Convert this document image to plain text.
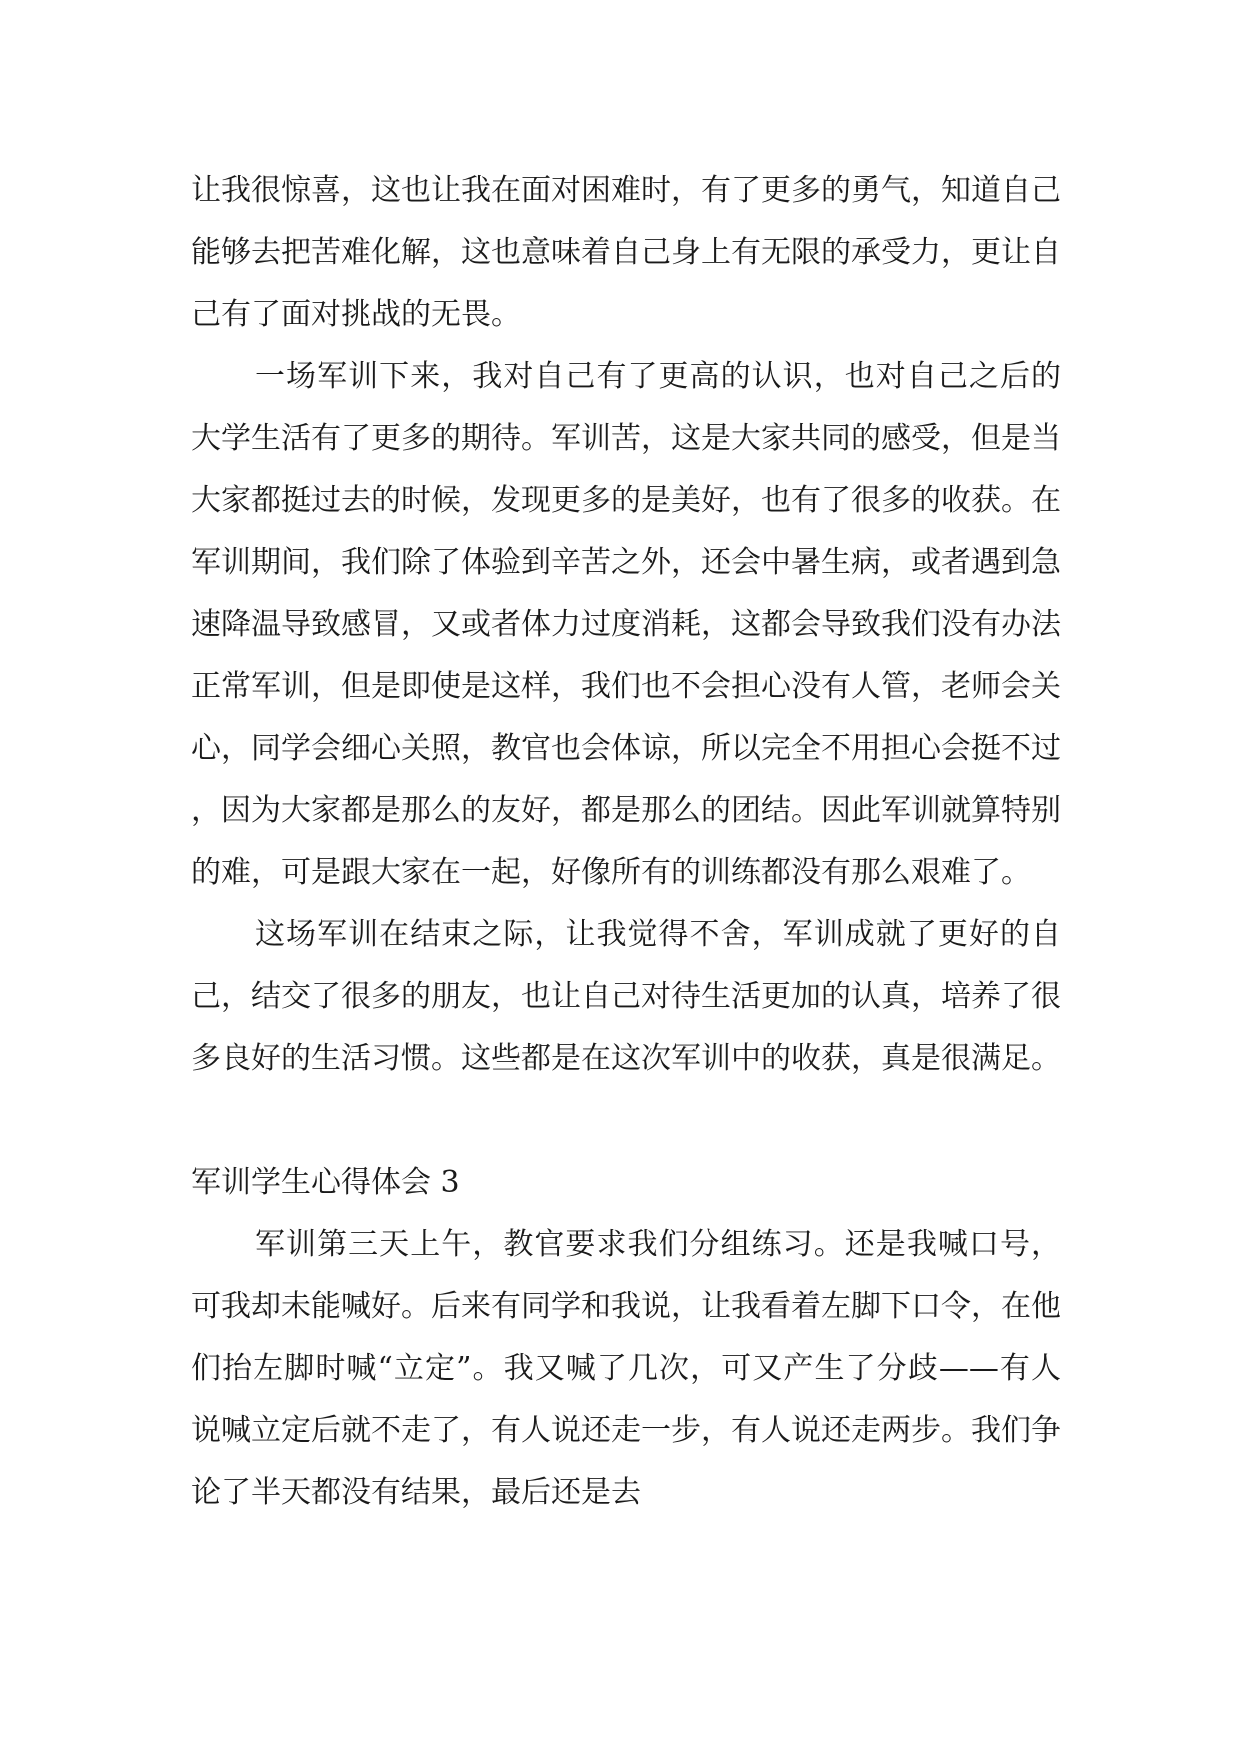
让我很惊喜，这也让我在面对困难时，有了更多的勇气，知道自己能够去把苦难化解，这也意味着自己身上有无限的承受力，更让自己有了面对挑战的无畏。

一场军训下来，我对自己有了更高的认识，也对自己之后的大学生活有了更多的期待。军训苦，这是大家共同的感受，但是当大家都挺过去的时候，发现更多的是美好，也有了很多的收获。在军训期间，我们除了体验到辛苦之外，还会中暑生病，或者遇到急速降温导致感冒，又或者体力过度消耗，这都会导致我们没有办法正常军训，但是即使是这样，我们也不会担心没有人管，老师会关心，同学会细心关照，教官也会体谅，所以完全不用担心会挺不过，因为大家都是那么的友好，都是那么的团结。因此军训就算特别的难，可是跟大家在一起，好像所有的训练都没有那么艰难了。

这场军训在结束之际，让我觉得不舍，军训成就了更好的自己，结交了很多的朋友，也让自己对待生活更加的认真，培养了很多良好的生活习惯。这些都是在这次军训中的收获，真是很满足。

军训学生心得体会 3

军训第三天上午，教官要求我们分组练习。还是我喊口号，可我却未能喊好。后来有同学和我说，让我看着左脚下口令，在他们抬左脚时喊“立定”。我又喊了几次，可又产生了分歧——有人说喊立定后就不走了，有人说还走一步，有人说还走两步。我们争论了半天都没有结果，最后还是去
